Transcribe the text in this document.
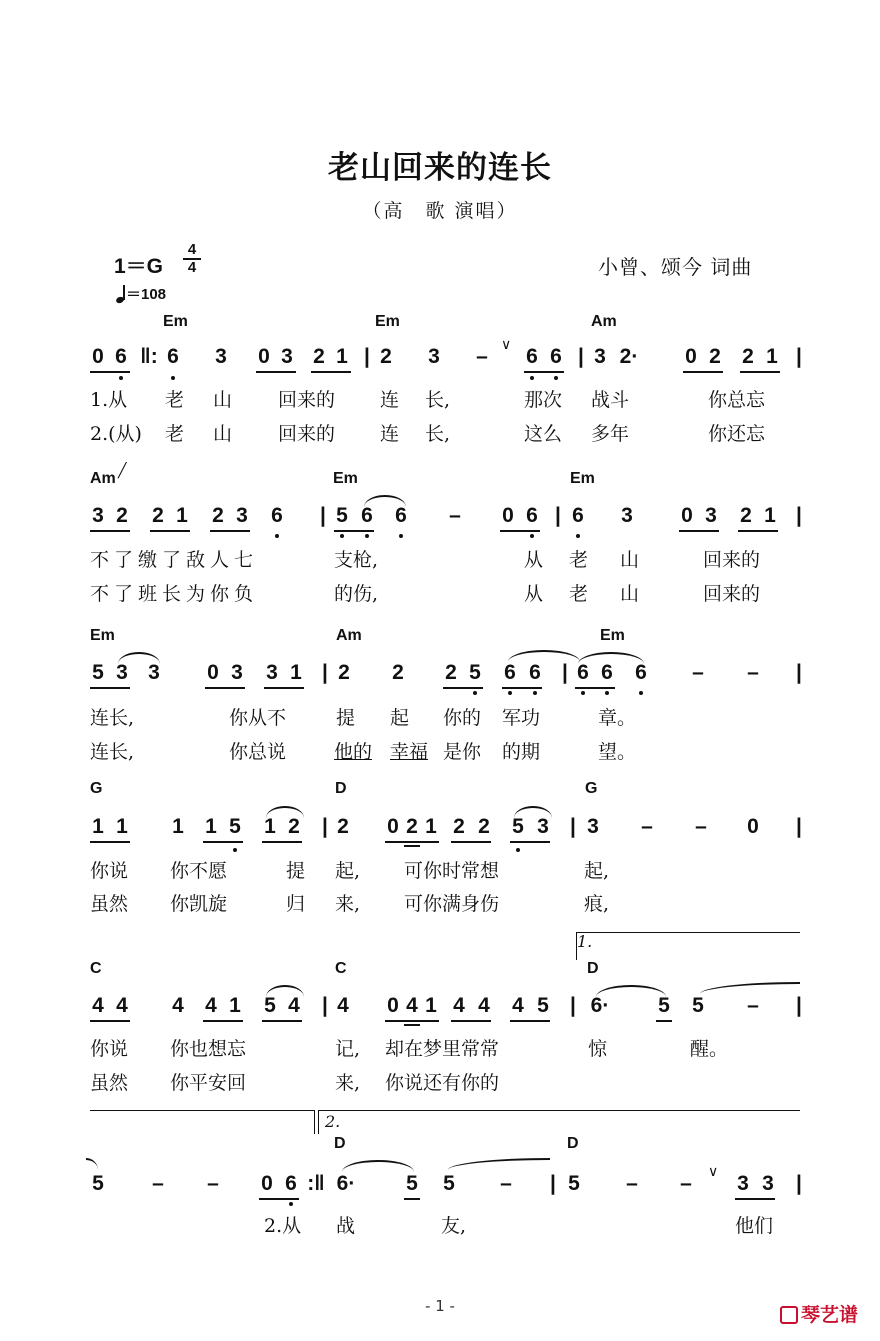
老山回来的连长
（高　歌 演唱）
1＝G
4
4
＝108
小曾、颂今 词曲
Em	Em	Am
0 6 ‖: 6 3 0 3 2 1 | 2 3 – 6 6 | 3 2· 0 2 2 1 |
∨
1.从 老 山 回来的 连 长,	那次 战斗	你总忘
2.(从) 老 山 回来的 连 长,	这么 多年	你还忘
Am	Em	Em
╱
3 2 2 1 2 3 6 | 5 6 6 – 0 6 | 6 3 0 3 2 1 |
不了缴了敌人七	支枪,	从老 山	回来的
不了班长为你负	的伤,	从老 山	回来的
Em	Am	Em
5 3 3 0 3 3 1 | 2 2 2 5 6 6 | 6 6 6 – – |
连长,	你从不	提 起 你的 军功	章。
连长,	你总说	他的 幸福 是你 的期	望。
G	D	G
1 1 1 1 5 1 2 | 2 0 2 1 2 2 5 3 | 3 – – 0 |
你说 你不愿	提 起, 可你时常想	起,
虽然 你凯旋	归 来, 可你满身伤	痕,
1.
C	C	D
4 4 4 4 1 5 4 | 4 0 4 1 4 4 4 5 | 6· 5 5 – |
你说 你也想忘	记, 却在梦里常常	惊	醒。
虽然 你平安回	来, 你说还有你的
2.
D	D
5 – – 0 6 :‖ 6· 5 5 – | 5 – – 3 3 |
∨
2.从 战	友,	他们
- 1 -	琴艺谱
